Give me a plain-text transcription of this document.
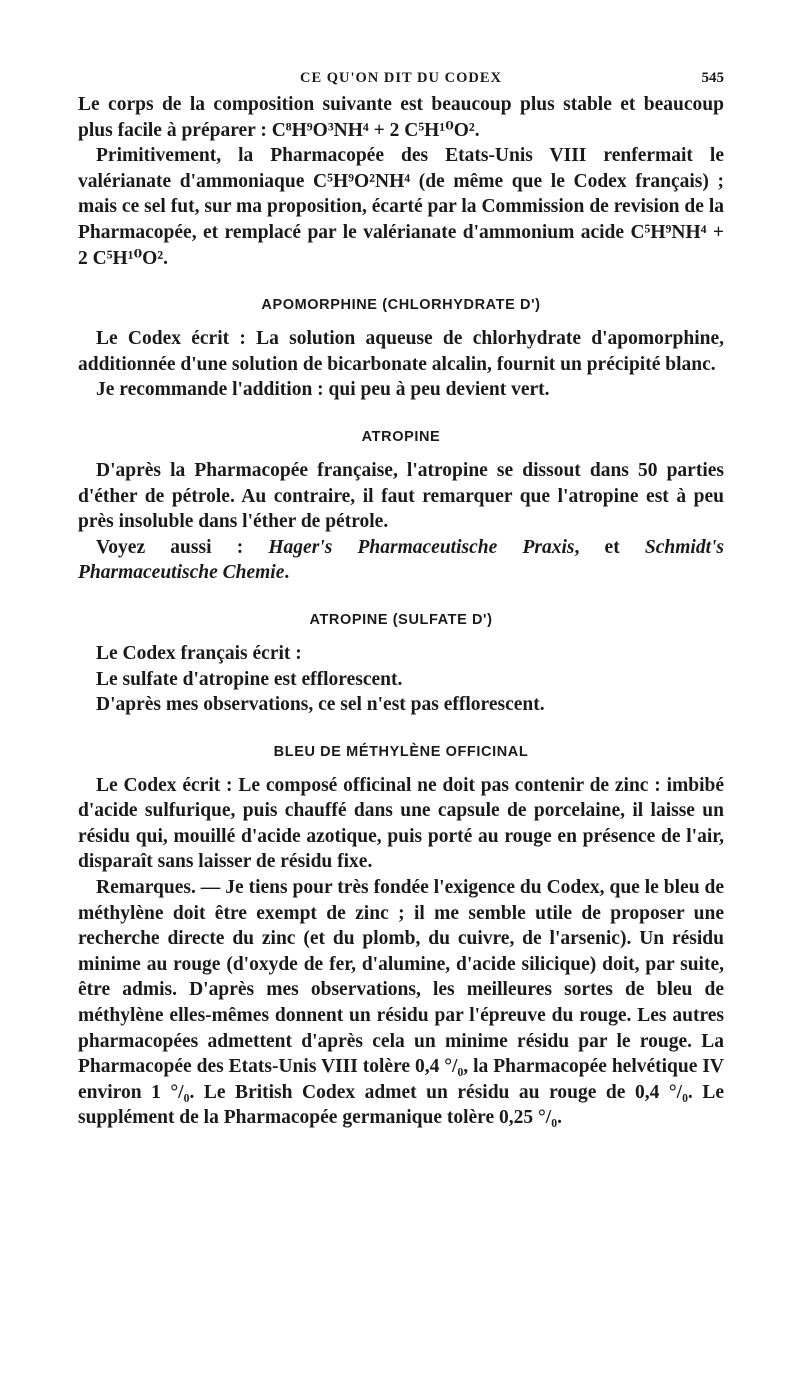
CE QU'ON DIT DU CODEX	545

Le corps de la composition suivante est beaucoup plus stable et beaucoup plus facile à préparer : C⁸H⁹O³NH⁴ + 2 C⁵H¹⁰O².

Primitivement, la Pharmacopée des Etats-Unis VIII renfermait le valérianate d'ammoniaque C⁵H⁹O²NH⁴ (de même que le Codex français) ; mais ce sel fut, sur ma proposition, écarté par la Commission de revision de la Pharmacopée, et remplacé par le valérianate d'ammonium acide C⁵H⁹NH⁴ + 2 C⁵H¹⁰O².

APOMORPHINE (CHLORHYDRATE D')

Le Codex écrit : La solution aqueuse de chlorhydrate d'apomorphine, additionnée d'une solution de bicarbonate alcalin, fournit un précipité blanc.

Je recommande l'addition : qui peu à peu devient vert.

ATROPINE

D'après la Pharmacopée française, l'atropine se dissout dans 50 parties d'éther de pétrole. Au contraire, il faut remarquer que l'atropine est à peu près insoluble dans l'éther de pétrole.

Voyez aussi : Hager's Pharmaceutische Praxis, et Schmidt's Pharmaceutische Chemie.

ATROPINE (SULFATE D')

Le Codex français écrit :

Le sulfate d'atropine est efflorescent.

D'après mes observations, ce sel n'est pas efflorescent.

BLEU DE MÉTHYLÈNE OFFICINAL

Le Codex écrit : Le composé officinal ne doit pas contenir de zinc : imbibé d'acide sulfurique, puis chauffé dans une capsule de porcelaine, il laisse un résidu qui, mouillé d'acide azotique, puis porté au rouge en présence de l'air, disparaît sans laisser de résidu fixe.

Remarques. — Je tiens pour très fondée l'exigence du Codex, que le bleu de méthylène doit être exempt de zinc ; il me semble utile de proposer une recherche directe du zinc (et du plomb, du cuivre, de l'arsenic). Un résidu minime au rouge (d'oxyde de fer, d'alumine, d'acide silicique) doit, par suite, être admis. D'après mes observations, les meilleures sortes de bleu de méthylène elles-mêmes donnent un résidu par l'épreuve du rouge. Les autres pharmacopées admettent d'après cela un minime résidu par le rouge. La Pharmacopée des Etats-Unis VIII tolère 0,4 °/₀, la Pharmacopée helvétique IV environ 1 °/₀. Le British Codex admet un résidu au rouge de 0,4 °/₀. Le supplément de la Pharmacopée germanique tolère 0,25 °/₀.
